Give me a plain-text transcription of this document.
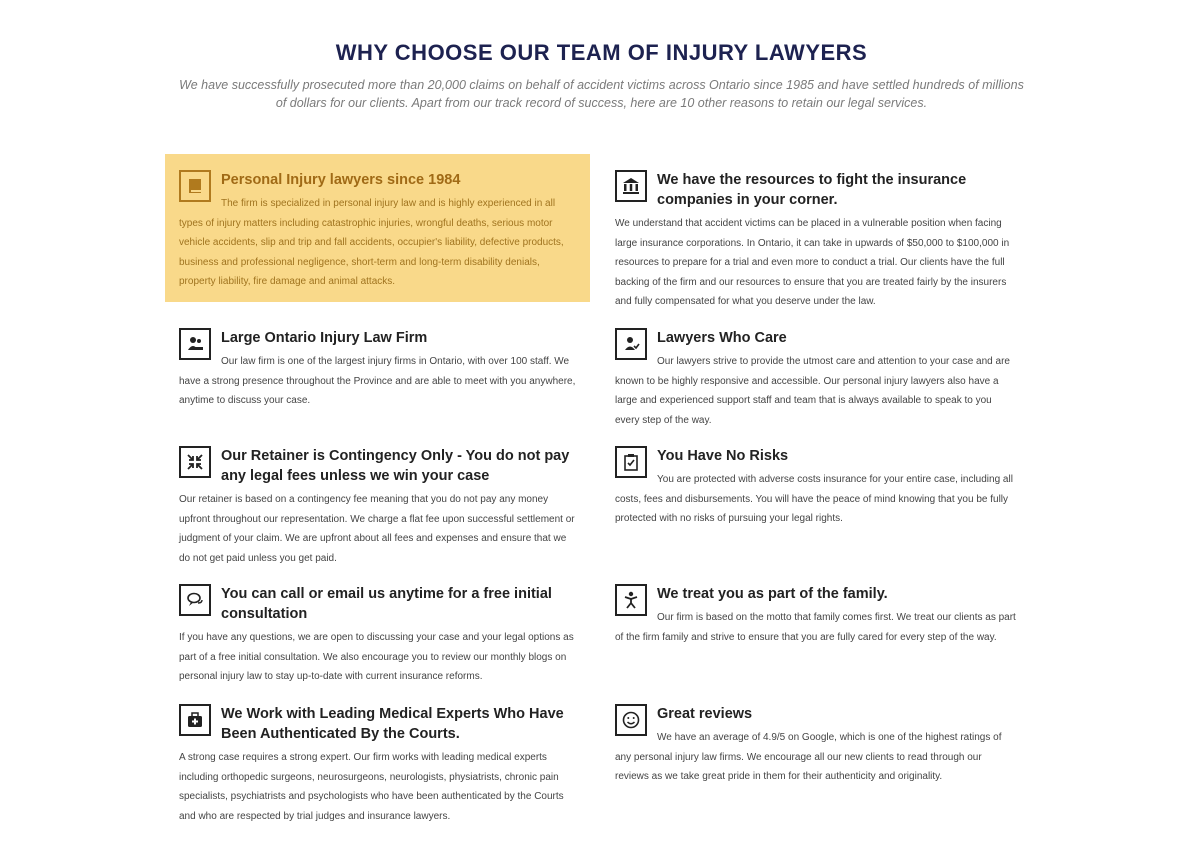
WHY CHOOSE OUR TEAM OF INJURY LAWYERS

We have successfully prosecuted more than 20,000 claims on behalf of accident victims across Ontario since 1985 and have settled hundreds of millions of dollars for our clients. Apart from our track record of success, here are 10 other reasons to retain our legal services.

Personal Injury lawyers since 1984

The firm is specialized in personal injury law and is highly experienced in all types of injury matters including catastrophic injuries, wrongful deaths, serious motor vehicle accidents, slip and trip and fall accidents, occupier's liability, defective products, business and professional negligence, short-term and long-term disability denials, property liability, fire damage and animal attacks.

We have the resources to fight the insurance companies in your corner.

We understand that accident victims can be placed in a vulnerable position when facing large insurance corporations. In Ontario, it can take in upwards of $50,000 to $100,000 in resources to prepare for a trial and even more to conduct a trial. Our clients have the full backing of the firm and our resources to ensure that you are treated fairly by the insurers and fully compensated for what you deserve under the law.

Large Ontario Injury Law Firm

Our law firm is one of the largest injury firms in Ontario, with over 100 staff. We have a strong presence throughout the Province and are able to meet with you anywhere, anytime to discuss your case.

Lawyers Who Care

Our lawyers strive to provide the utmost care and attention to your case and are known to be highly responsive and accessible. Our personal injury lawyers also have a large and experienced support staff and team that is always available to speak to you every step of the way.

Our Retainer is Contingency Only - You do not pay any legal fees unless we win your case

Our retainer is based on a contingency fee meaning that you do not pay any money upfront throughout our representation. We charge a flat fee upon successful settlement or judgment of your claim. We are upfront about all fees and expenses and ensure that we do not get paid unless you get paid.

You Have No Risks

You are protected with adverse costs insurance for your entire case, including all costs, fees and disbursements. You will have the peace of mind knowing that you be fully protected with no risks of pursuing your legal rights.

You can call or email us anytime for a free initial consultation

If you have any questions, we are open to discussing your case and your legal options as part of a free initial consultation. We also encourage you to review our monthly blogs on personal injury law to stay up-to-date with current insurance reforms.

We treat you as part of the family.

Our firm is based on the motto that family comes first. We treat our clients as part of the firm family and strive to ensure that you are fully cared for every step of the way.

We Work with Leading Medical Experts Who Have Been Authenticated By the Courts.

A strong case requires a strong expert. Our firm works with leading medical experts including orthopedic surgeons, neurosurgeons, neurologists, physiatrists, chronic pain specialists, psychiatrists and psychologists who have been authenticated by the Courts and who are respected by trial judges and insurance lawyers.

Great reviews

We have an average of 4.9/5 on Google, which is one of the highest ratings of any personal injury law firms. We encourage all our new clients to read through our reviews as we take great pride in them for their authenticity and originality.
